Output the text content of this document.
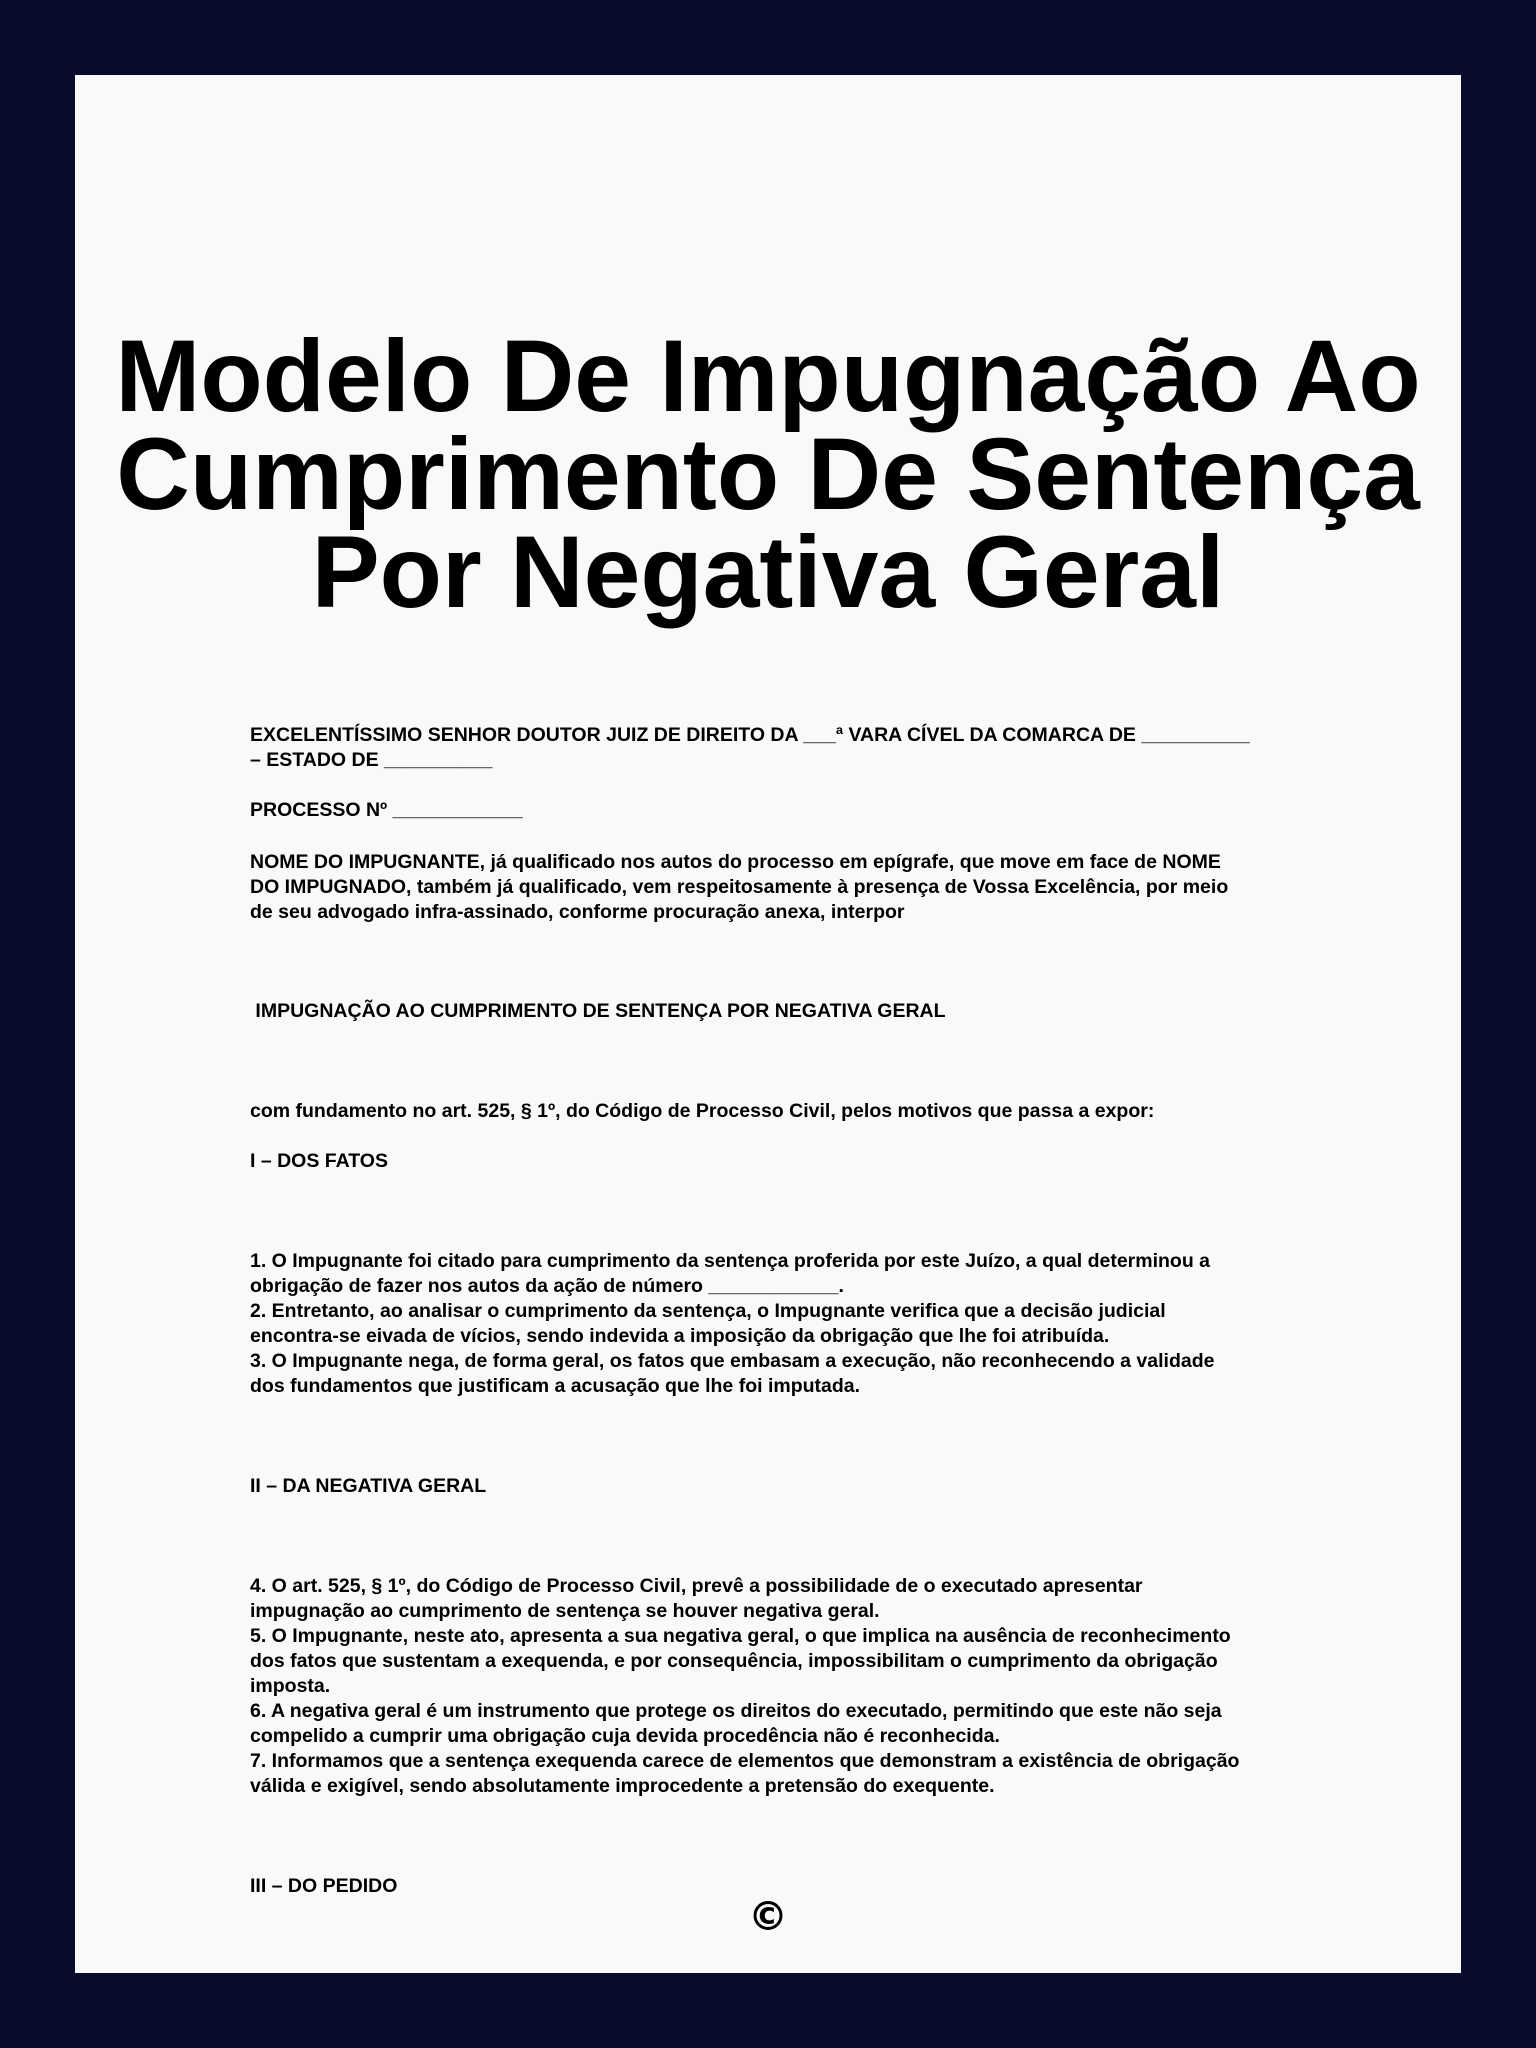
Modelo De Impugnação Ao
Cumprimento De Sentença
Por Negativa Geral

EXCELENTÍSSIMO SENHOR DOUTOR JUIZ DE DIREITO DA ___ª VARA CÍVEL DA COMARCA DE __________

– ESTADO DE __________

PROCESSO Nº ____________

NOME DO IMPUGNANTE, já qualificado nos autos do processo em epígrafe, que move em face de NOME

DO IMPUGNADO, também já qualificado, vem respeitosamente à presença de Vossa Excelência, por meio

de seu advogado infra-assinado, conforme procuração anexa, interpor

IMPUGNAÇÃO AO CUMPRIMENTO DE SENTENÇA POR NEGATIVA GERAL

com fundamento no art. 525, § 1º, do Código de Processo Civil, pelos motivos que passa a expor:

I – DOS FATOS

1. O Impugnante foi citado para cumprimento da sentença proferida por este Juízo, a qual determinou a

obrigação de fazer nos autos da ação de número ____________.

2. Entretanto, ao analisar o cumprimento da sentença, o Impugnante verifica que a decisão judicial

encontra-se eivada de vícios, sendo indevida a imposição da obrigação que lhe foi atribuída.

3. O Impugnante nega, de forma geral, os fatos que embasam a execução, não reconhecendo a validade

dos fundamentos que justificam a acusação que lhe foi imputada.

II – DA NEGATIVA GERAL

4. O art. 525, § 1º, do Código de Processo Civil, prevê a possibilidade de o executado apresentar

impugnação ao cumprimento de sentença se houver negativa geral.

5. O Impugnante, neste ato, apresenta a sua negativa geral, o que implica na ausência de reconhecimento

dos fatos que sustentam a exequenda, e por consequência, impossibilitam o cumprimento da obrigação

imposta.

6. A negativa geral é um instrumento que protege os direitos do executado, permitindo que este não seja

compelido a cumprir uma obrigação cuja devida procedência não é reconhecida.

7. Informamos que a sentença exequenda carece de elementos que demonstram a existência de obrigação

válida e exigível, sendo absolutamente improcedente a pretensão do exequente.

III – DO PEDIDO

©
